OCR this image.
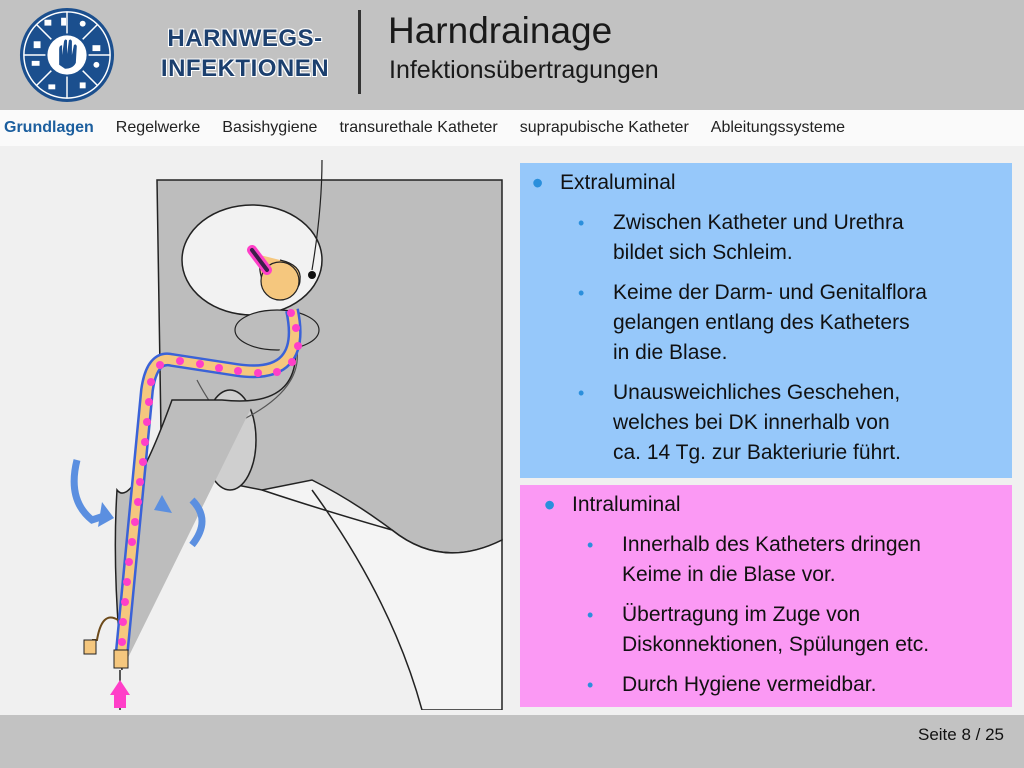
HARNWEGS-
INFEKTIONEN
Harndrainage
Infektionsübertragungen
Grundlagen Regelwerke Basishygiene transurethale Katheter suprapubische Katheter Ableitungssysteme
• Extraluminal
• Zwischen Katheter und Urethra
bildet sich Schleim.
• Keime der Darm- und Genitalflora
gelangen entlang des Katheters
in die Blase.
• Unausweichliches Geschehen,
welches bei DK innerhalb von
ca. 14 Tg. zur Bakteriurie führt.
• Intraluminal
• Innerhalb des Katheters dringen
Keime in die Blase vor.
• Übertragung im Zuge von
Diskonnektionen, Spülungen etc.
• Durch Hygiene vermeidbar.
Seite 8 / 25
